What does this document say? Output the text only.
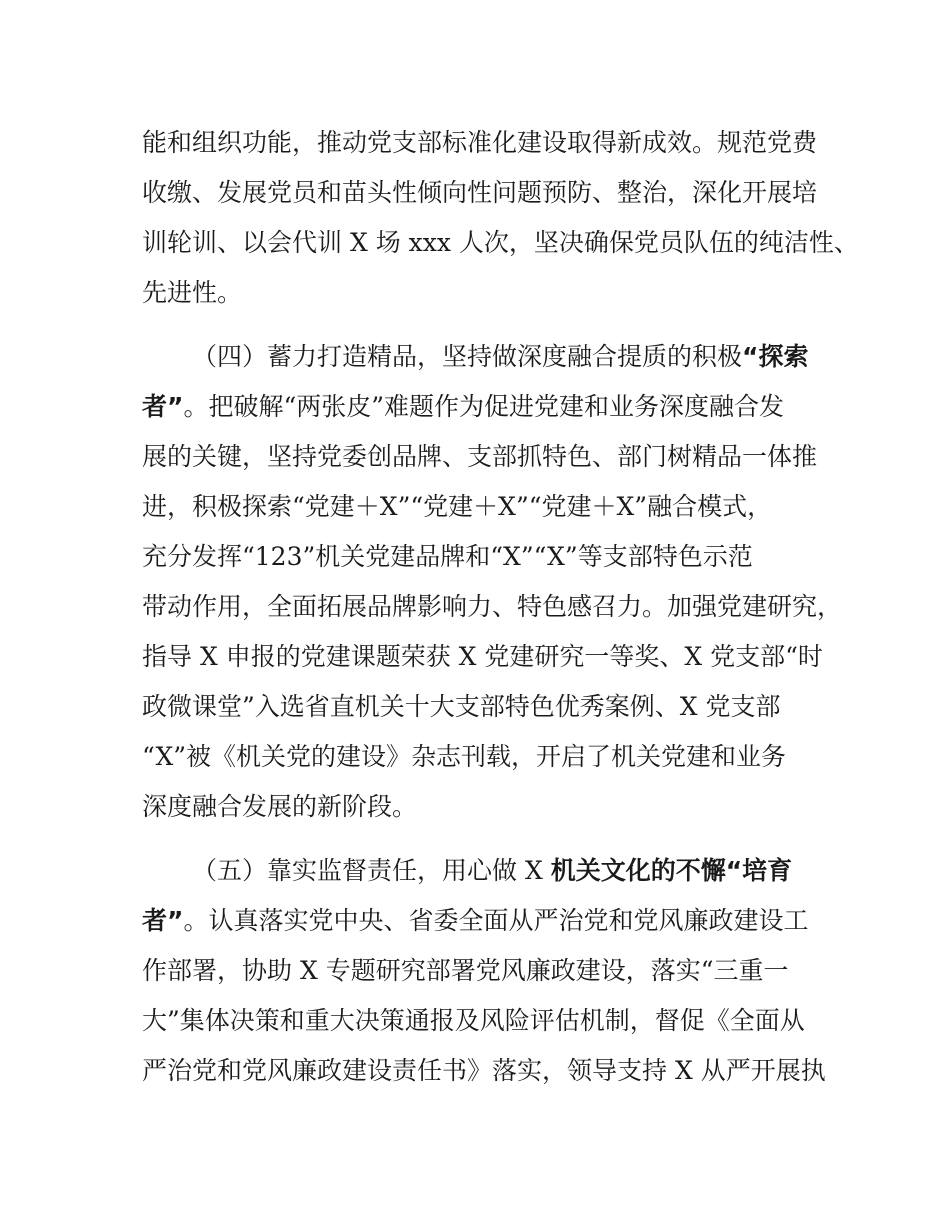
能和组织功能，推动党支部标准化建设取得新成效。规范党费
收缴、发展党员和苗头性倾向性问题预防、整治，深化开展培
训轮训、以会代训 X 场 xxx 人次，坚决确保党员队伍的纯洁性、
先进性。
（四）蓄力打造精品，坚持做深度融合提质的积极“探索
者”。把破解“两张皮”难题作为促进党建和业务深度融合发
展的关键，坚持党委创品牌、支部抓特色、部门树精品一体推
进，积极探索“党建＋X”“党建＋X”“党建＋X”融合模式，
充分发挥“123”机关党建品牌和“X”“X”等支部特色示范
带动作用，全面拓展品牌影响力、特色感召力。加强党建研究，
指导 X 申报的党建课题荣获 X 党建研究一等奖、X 党支部“时
政微课堂”入选省直机关十大支部特色优秀案例、X 党支部
“X”被《机关党的建设》杂志刊载，开启了机关党建和业务
深度融合发展的新阶段。
（五）靠实监督责任，用心做 X 机关文化的不懈“培育
者”。认真落实党中央、省委全面从严治党和党风廉政建设工
作部署，协助 X 专题研究部署党风廉政建设，落实“三重一
大”集体决策和重大决策通报及风险评估机制，督促《全面从
严治党和党风廉政建设责任书》落实，领导支持 X 从严开展执
